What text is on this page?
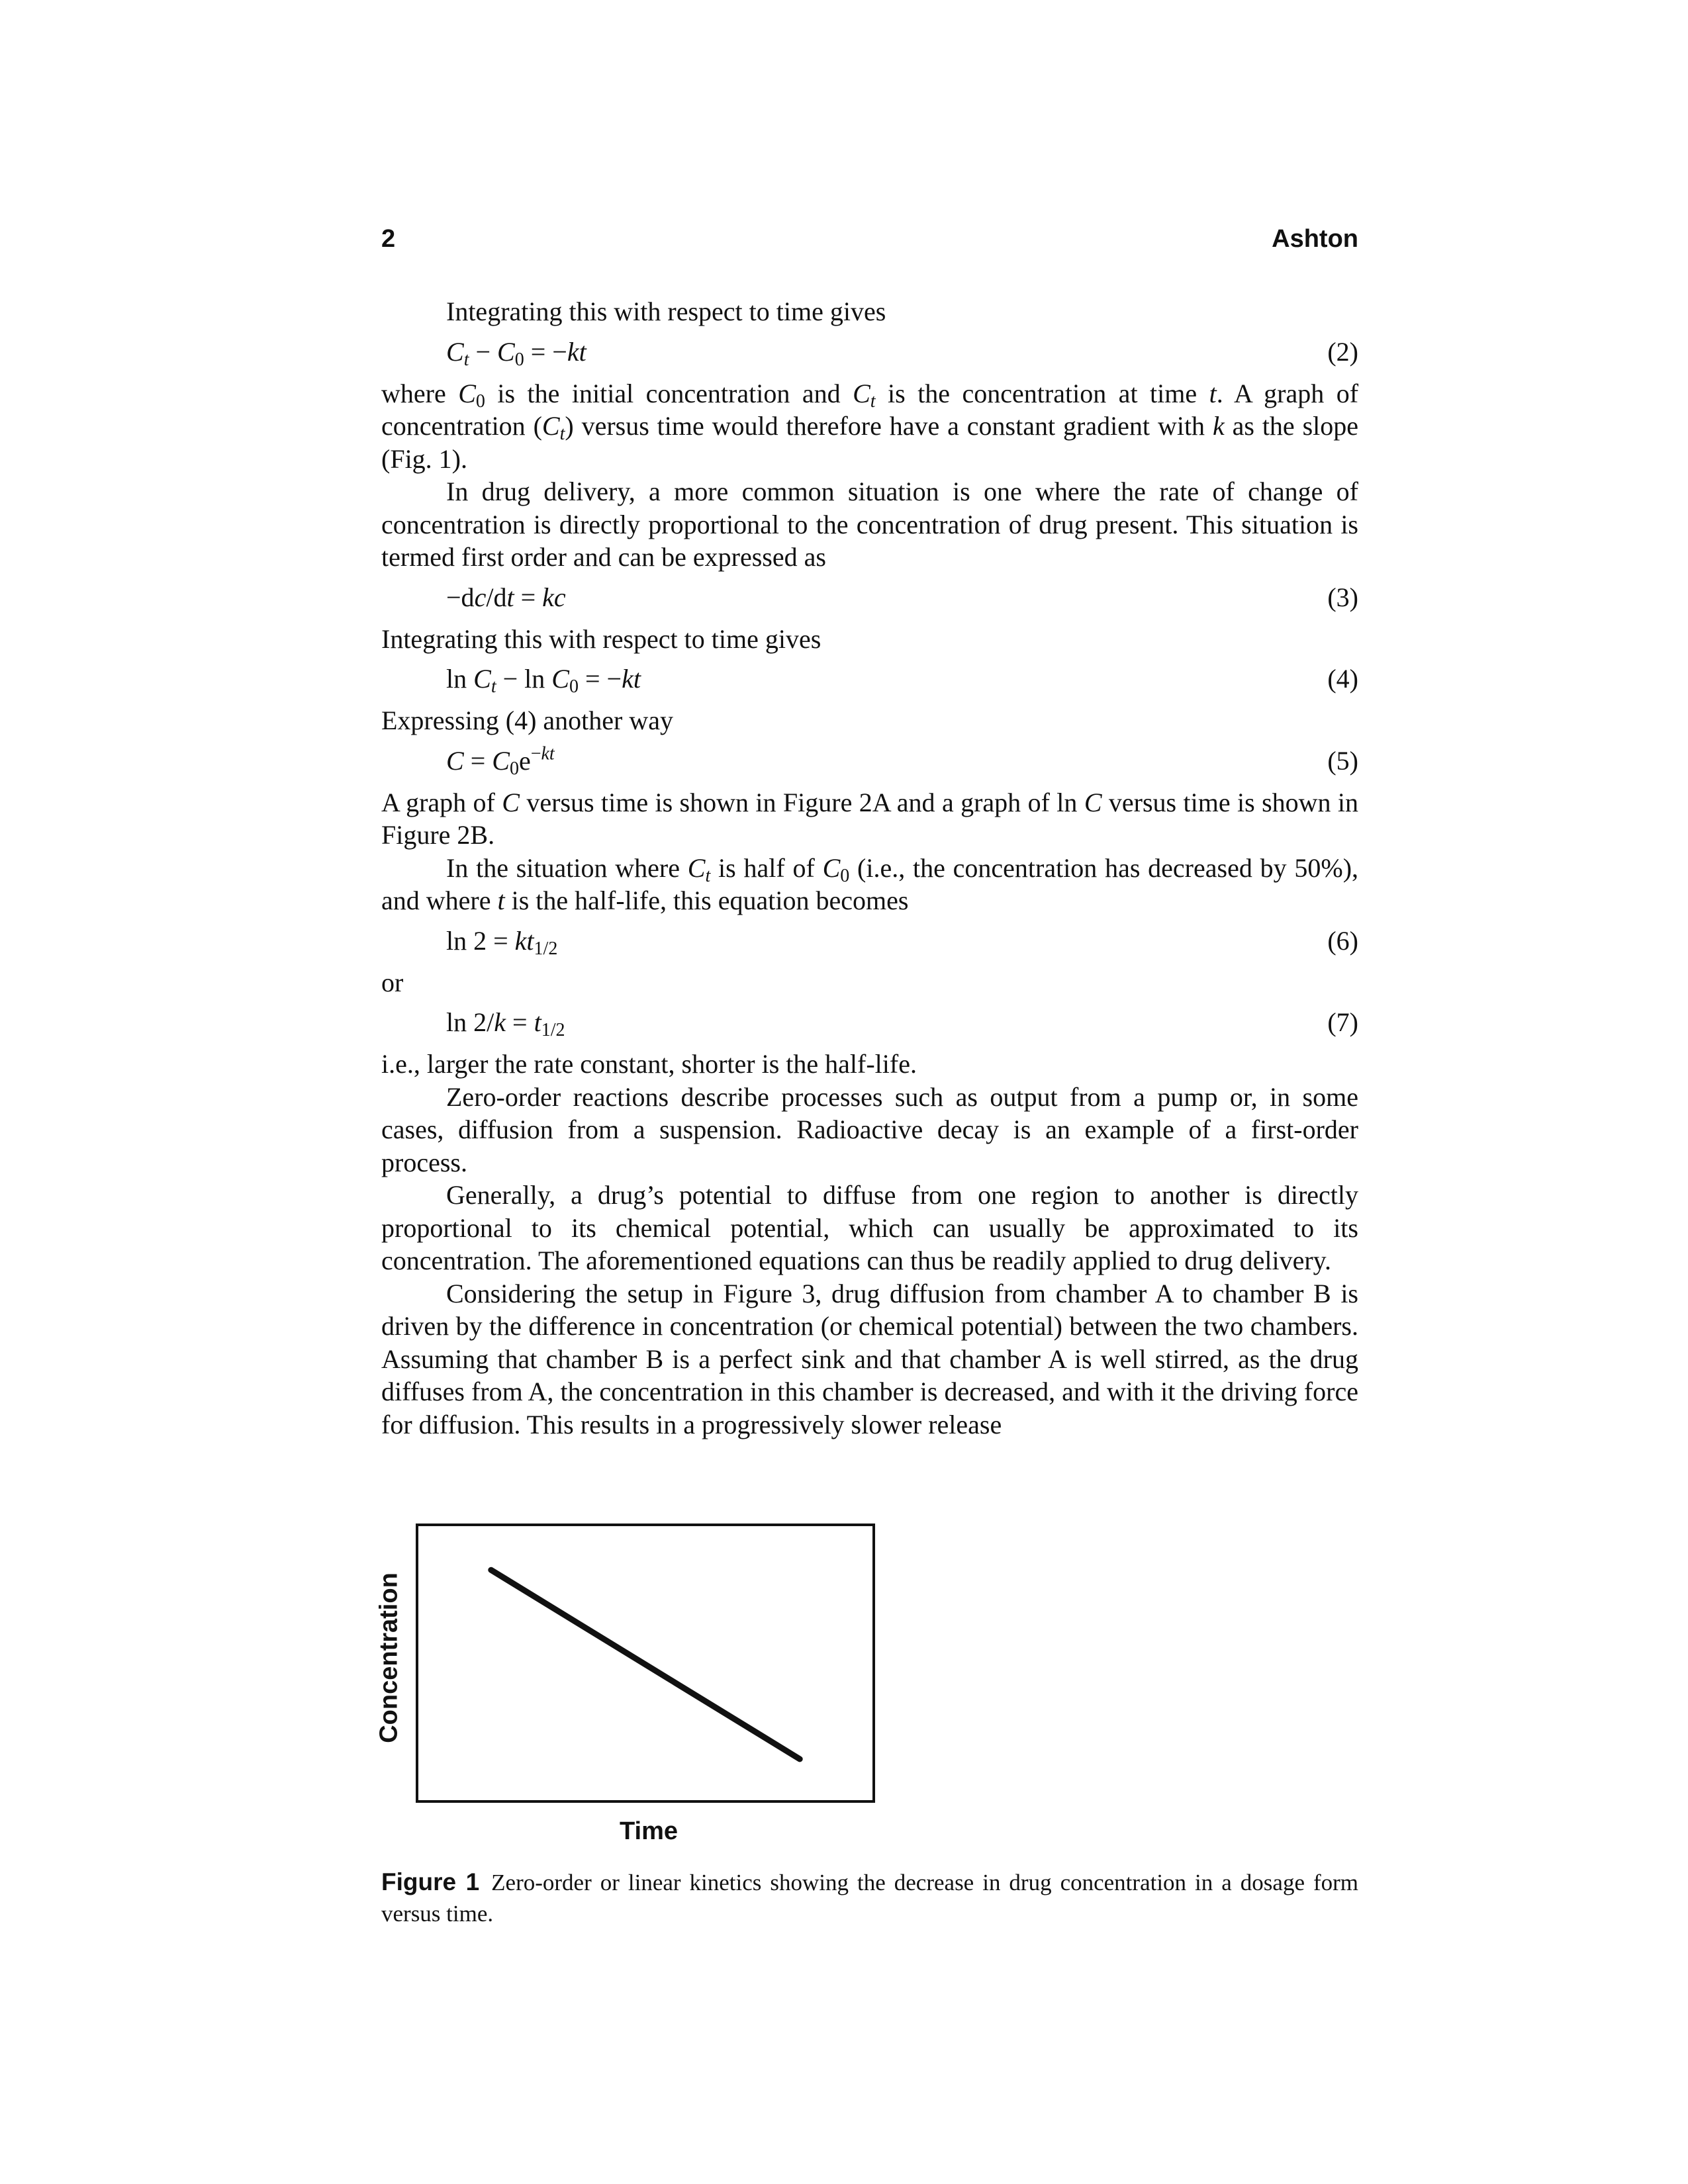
2	Ashton

Integrating this with respect to time gives

$C_t - C_0 = -kt$	(2)

where $C_0$ is the initial concentration and $C_t$ is the concentration at time t. A graph of concentration $(C_t)$ versus time would therefore have a constant gradient with k as the slope (Fig. 1).

In drug delivery, a more common situation is one where the rate of change of concentration is directly proportional to the concentration of drug present. This situation is termed first order and can be expressed as

−dc/dt = kc	(3)

Integrating this with respect to time gives

$\ln C_t - \ln C_0 = -kt$	(4)

Expressing (4) another way

$C = C_0e^{-kt}$	(5)

A graph of C versus time is shown in Figure 2A and a graph of ln C versus time is shown in Figure 2B.

In the situation where $C_t$ is half of $C_0$ (i.e., the concentration has decreased by 50%), and where t is the half-life, this equation becomes

$\ln 2 = kt_{1/2}$	(6)

or

$\ln 2/k = t_{1/2}$	(7)

i.e., larger the rate constant, shorter is the half-life.

Zero-order reactions describe processes such as output from a pump or, in some cases, diffusion from a suspension. Radioactive decay is an example of a first-order process.

Generally, a drug’s potential to diffuse from one region to another is directly proportional to its chemical potential, which can usually be approximated to its concentration. The aforementioned equations can thus be readily applied to drug delivery.

Considering the setup in Figure 3, drug diffusion from chamber A to chamber B is driven by the difference in concentration (or chemical potential) between the two chambers. Assuming that chamber B is a perfect sink and that chamber A is well stirred, as the drug diffuses from A, the concentration in this chamber is decreased, and with it the driving force for diffusion. This results in a progressively slower release

Concentration
Time
Figure 1 Zero-order or linear kinetics showing the decrease in drug concentration in a dosage form versus time.
